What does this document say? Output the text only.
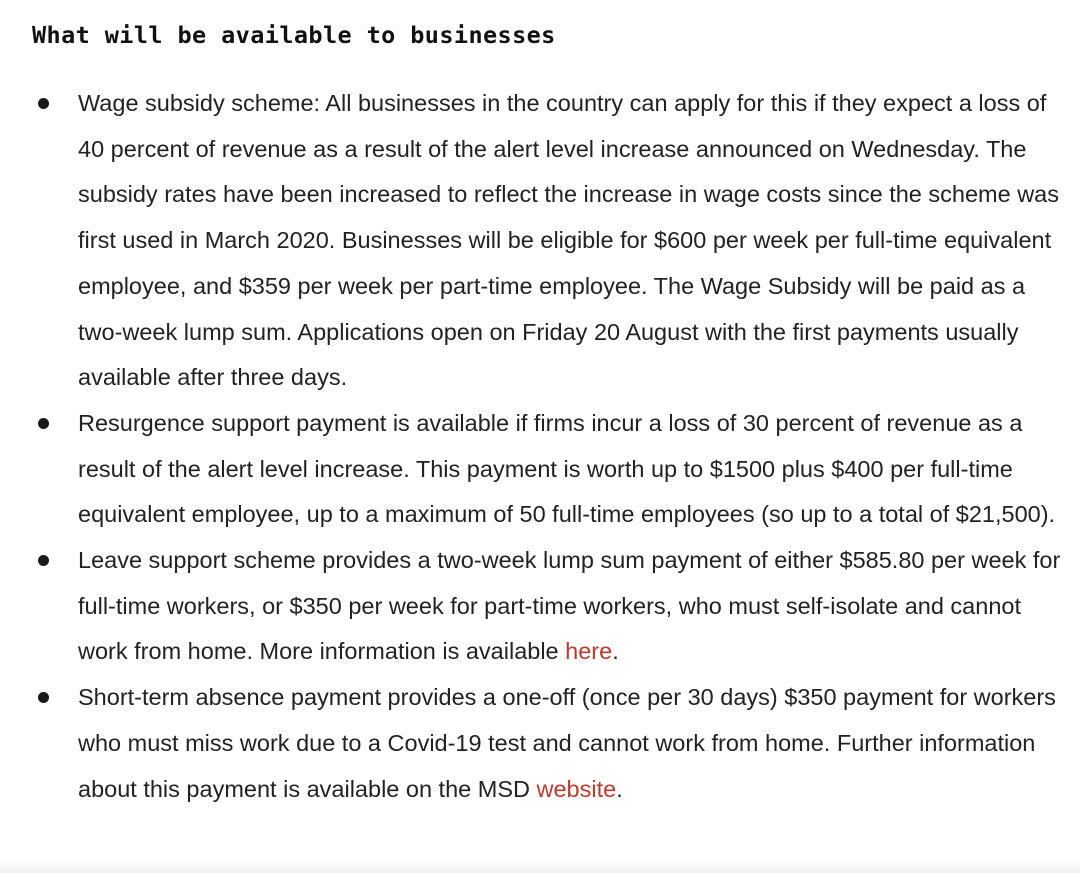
What will be available to businesses
Wage subsidy scheme: All businesses in the country can apply for this if they expect a loss of 40 percent of revenue as a result of the alert level increase announced on Wednesday. The subsidy rates have been increased to reflect the increase in wage costs since the scheme was first used in March 2020. Businesses will be eligible for $600 per week per full-time equivalent employee, and $359 per week per part-time employee. The Wage Subsidy will be paid as a two-week lump sum. Applications open on Friday 20 August with the first payments usually available after three days.
Resurgence support payment is available if firms incur a loss of 30 percent of revenue as a result of the alert level increase. This payment is worth up to $1500 plus $400 per full-time equivalent employee, up to a maximum of 50 full-time employees (so up to a total of $21,500).
Leave support scheme provides a two-week lump sum payment of either $585.80 per week for full-time workers, or $350 per week for part-time workers, who must self-isolate and cannot work from home. More information is available here.
Short-term absence payment provides a one-off (once per 30 days) $350 payment for workers who must miss work due to a Covid-19 test and cannot work from home. Further information about this payment is available on the MSD website.
